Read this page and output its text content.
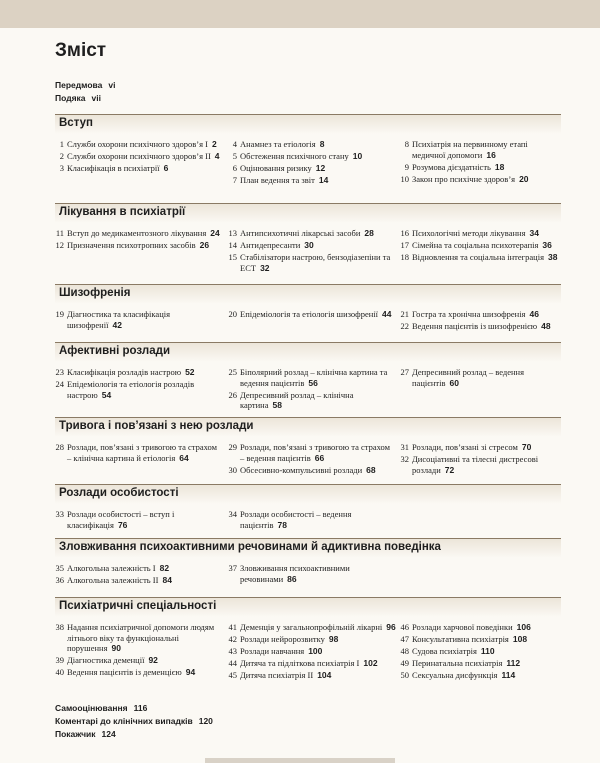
Зміст
Передмова vi
Подяка vii
Вступ
1 Служби охорони психічного здоров’я I 2
2 Служби охорони психічного здоров’я II 4
3 Класифікація в психіатрії 6
4 Анамнез та етіологія 8
5 Обстеження психічного стану 10
6 Оцінювання ризику 12
7 План ведення та звіт 14
8 Психіатрія на первинному етапі медичної допомоги 16
9 Розумова дієздатність 18
10 Закон про психічне здоров’я 20
Лікування в психіатрії
11 Вступ до медикаментозного лікування 24
12 Призначення психотропних засобів 26
13 Антипсихотичні лікарські засоби 28
14 Антидепресанти 30
15 Стабілізатори настрою, бензодіазепіни та ЕСТ 32
16 Психологічні методи лікування 34
17 Сімейна та соціальна психотерапія 36
18 Відновлення та соціальна інтеграція 38
Шизофренія
19 Діагностика та класифікація шизофренії 42
20 Епідеміологія та етіологія шизофренії 44	21 Гостра та хронічна шизофренія 46
22 Ведення пацієнтів із шизофренією 48
Афективні розлади
23 Класифікація розладів настрою 52
24 Епідеміологія та етіологія розладів настрою 54
25 Біполярний розлад – клінічна картина та ведення пацієнтів 56
26 Депресивний розлад – клінічна картина 58
27 Депресивний розлад – ведення пацієнтів 60
Тривога і пов’язані з нею розлади
28 Розлади, пов’язані з тривогою та страхом – клінічна картина й етіологія 64
29 Розлади, пов’язані з тривогою та страхом – ведення пацієнтів 66
30 Обсесивно-компульсивні розлади 68
31 Розлади, пов’язані зі стресом 70
32 Дисоціативні та тілесні дистресові розлади 72
Розлади особистості
33 Розлади особистості – вступ і класифікація 76
34 Розлади особистості – ведення пацієнтів 78
Зловживання психоактивними речовинами й адиктивна поведінка
35 Алкогольна залежність I 82
36 Алкогольна залежність II 84
37 Зловживання психоактивними речовинами 86
Психіатричні спеціальності
38 Надання психіатричної допомоги людям літнього віку та функціональні порушення 90
39 Діагностика деменції 92
40 Ведення пацієнтів із деменцією 94
41 Деменція у загальнопрофільній лікарні 96
42 Розлади нейророзвитку 98
43 Розлади навчання 100
44 Дитяча та підліткова психіатрія I 102
45 Дитяча психіатрія II 104
46 Розлади харчової поведінки 106
47 Консультативна психіатрія 108
48 Судова психіатрія 110
49 Перинатальна психіатрія 112
50 Сексуальна дисфункція 114
Самооцінювання 116
Коментарі до клінічних випадків 120
Покажчик 124
